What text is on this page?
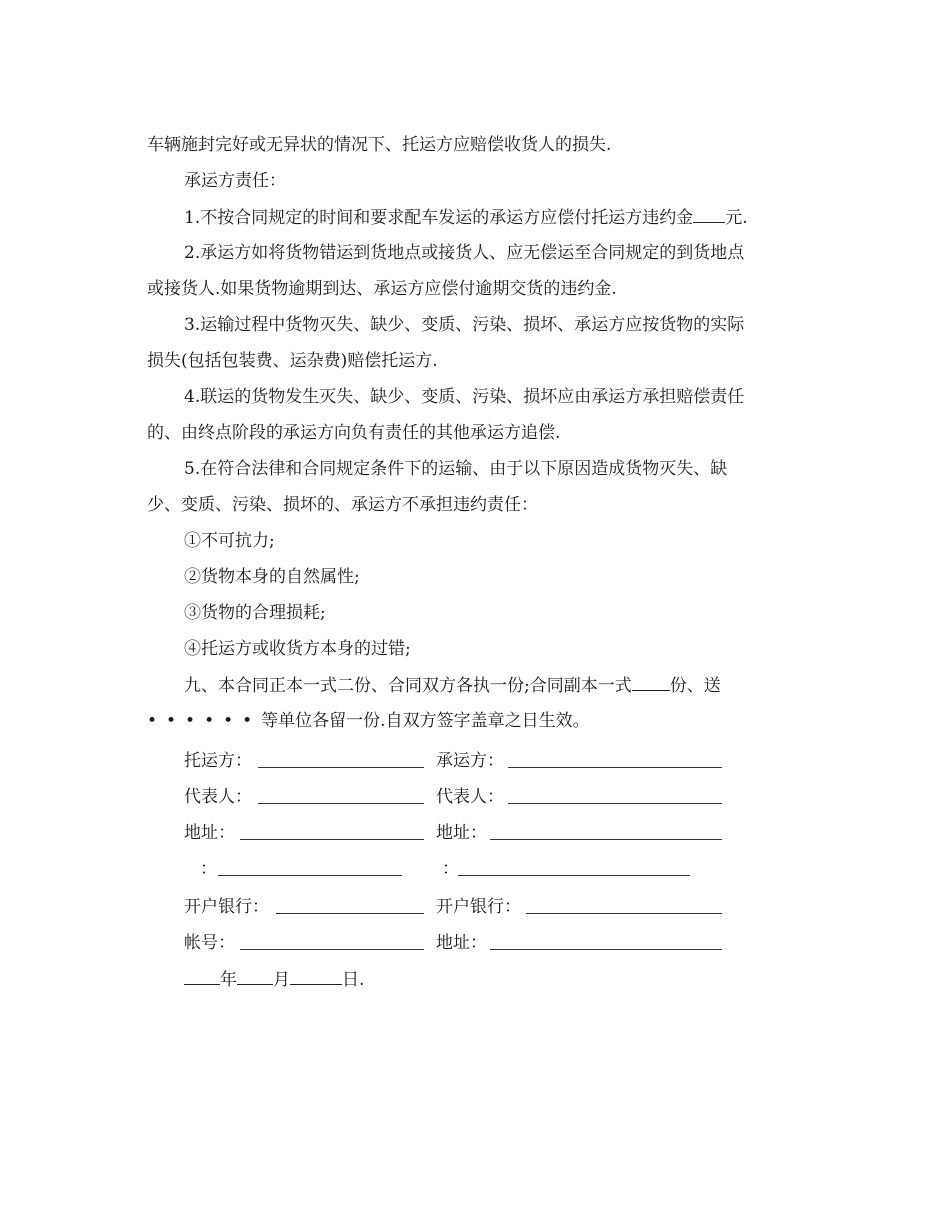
车辆施封完好或无异状的情况下、托运方应赔偿收货人的损失.
承运方责任：
1.不按合同规定的时间和要求配车发运的承运方应偿付托运方违约金 元.
2.承运方如将货物错运到货地点或接货人、应无偿运至合同规定的到货地点
或接货人.如果货物逾期到达、承运方应偿付逾期交货的违约金.
3.运输过程中货物灭失、缺少、变质、污染、损坏、承运方应按货物的实际
损失(包括包装费、运杂费)赔偿托运方.
4.联运的货物发生灭失、缺少、变质、污染、损坏应由承运方承担赔偿责任
的、由终点阶段的承运方向负有责任的其他承运方追偿.
5.在符合法律和合同规定条件下的运输、由于以下原因造成货物灭失、缺
少、变质、污染、损坏的、承运方不承担违约责任：
①不可抗力;
②货物本身的自然属性;
③货物的合理损耗;
④托运方或收货方本身的过错;
九、本合同正本一式二份、合同双方各执一份;合同副本一式 份、送
••••••等单位各留一份.自双方签字盖章之日生效。
托运方：	承运方：
代表人：	代表人：
地址：	地址：
：	：
开户银行：	开户银行：
帐号：	地址：
年 月	日.
